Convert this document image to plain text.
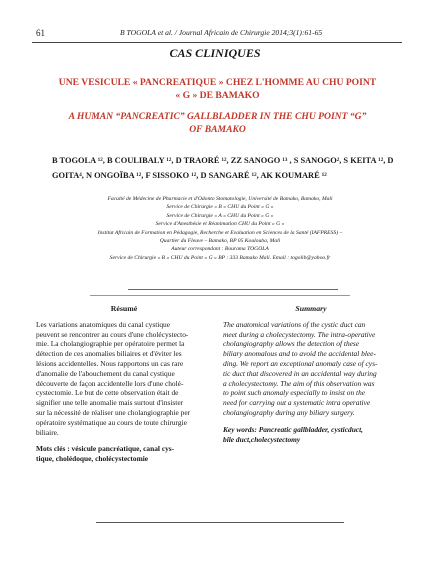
61	B TOGOLA et al. / Journal Africain de Chirurgie 2014;3(1):61-65
CAS CLINIQUES
UNE VESICULE « PANCREATIQUE » CHEZ L'HOMME AU CHU POINT
« G » DE BAMAKO
A HUMAN “PANCREATIC” GALLBLADDER IN THE CHU POINT “G”
OF BAMAKO
B TOGOLA ¹², B COULIBALY ¹², D TRAORÉ ¹², ZZ SANOGO ¹³ , S SANOGO², S KEITA ¹², D
GOITA⁴, N ONGOÏBA ¹², F SISSOKO ¹², D SANGARÉ ¹², AK KOUMARÉ ¹²
Faculté de Médecine de Pharmacie et d'Odonto Stomatologie, Université de Bamako, Bamako, Mali
Service de Chirurgie « B » CHU du Point « G »
Service de Chirurgie « A » CHU du Point « G »
Service d'Anesthésie et Réanimation CHU du Point « G »
Institut Africain de Formation en Pédagogie, Recherche et Evaluation en Sciences de la Santé (IAFPRESS) –
Quartier du Fleuve – Bamako, BP 05 Koulouba, Mali
Auteur correspondant : Bourama TOGOLA
Service de Chirurgie « B » CHU du Point « G » BP : 333 Bamako Mali. Email : togolib@yahoo.fr
Résumé
Les variations anatomiques du canal cystique
peuvent se rencontrer au cours d'une cholécystecto-
mie. La cholangiographie per opératoire permet la
détection de ces anomalies biliaires et d'éviter les
lésions accidentelles. Nous rapportons un cas rare
d'anomalie de l'abouchement du canal cystique
découverte de façon accidentelle lors d'une cholé-
cystectomie. Le but de cette observation était de
signifier une telle anomalie mais surtout d'insister
sur la nécessité de réaliser une cholangiographie per
opératoire systématique au cours de toute chirurgie
biliaire.
Mots clés : vésicule pancréatique, canal cys-
tique, cholédoque, cholécystectomie
Summary
The anatomical variations of the cystic duct can
meet during a cholecystectomy. The intra-operative
cholangiography allows the detection of these
biliary anomalous and to avoid the accidental blee-
ding. We report an exceptional anomaly case of cys-
tic duct that discovered in an accidental way during
a cholecystectomy. The aim of this observation was
to point such anomaly especially to insist on the
need for carrying out a systematic intra operative
cholangiography during any biliary surgery.
Key words: Pancreatic gallbladder, cysticduct,
bile duct,cholecystectomy
